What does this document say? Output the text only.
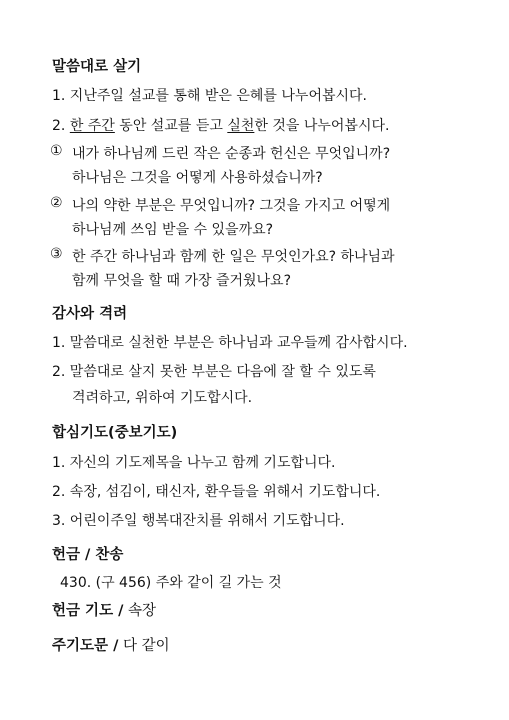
말씀대로 살기
1. 지난주일 설교를 통해 받은 은혜를 나누어봅시다.
2. 한 주간 동안 설교를 듣고 실천한 것을 나누어봅시다.
① 내가 하나님께 드린 작은 순종과 헌신은 무엇입니까?
하나님은 그것을 어떻게 사용하셨습니까?
② 나의 약한 부분은 무엇입니까? 그것을 가지고 어떻게
하나님께 쓰임 받을 수 있을까요?
③ 한 주간 하나님과 함께 한 일은 무엇인가요? 하나님과
함께 무엇을 할 때 가장 즐거웠나요?
감사와 격려
1. 말씀대로 실천한 부분은 하나님과 교우들께 감사합시다.
2. 말씀대로 살지 못한 부분은 다음에 잘 할 수 있도록
격려하고, 위하여 기도합시다.
합심기도(중보기도)
1. 자신의 기도제목을 나누고 함께 기도합니다.
2. 속장, 섬김이, 태신자, 환우들을 위해서 기도합니다.
3. 어린이주일 행복대잔치를 위해서 기도합니다.
헌금 / 찬송
430. (구 456) 주와 같이 길 가는 것
헌금 기도 / 속장
주기도문 / 다 같이
